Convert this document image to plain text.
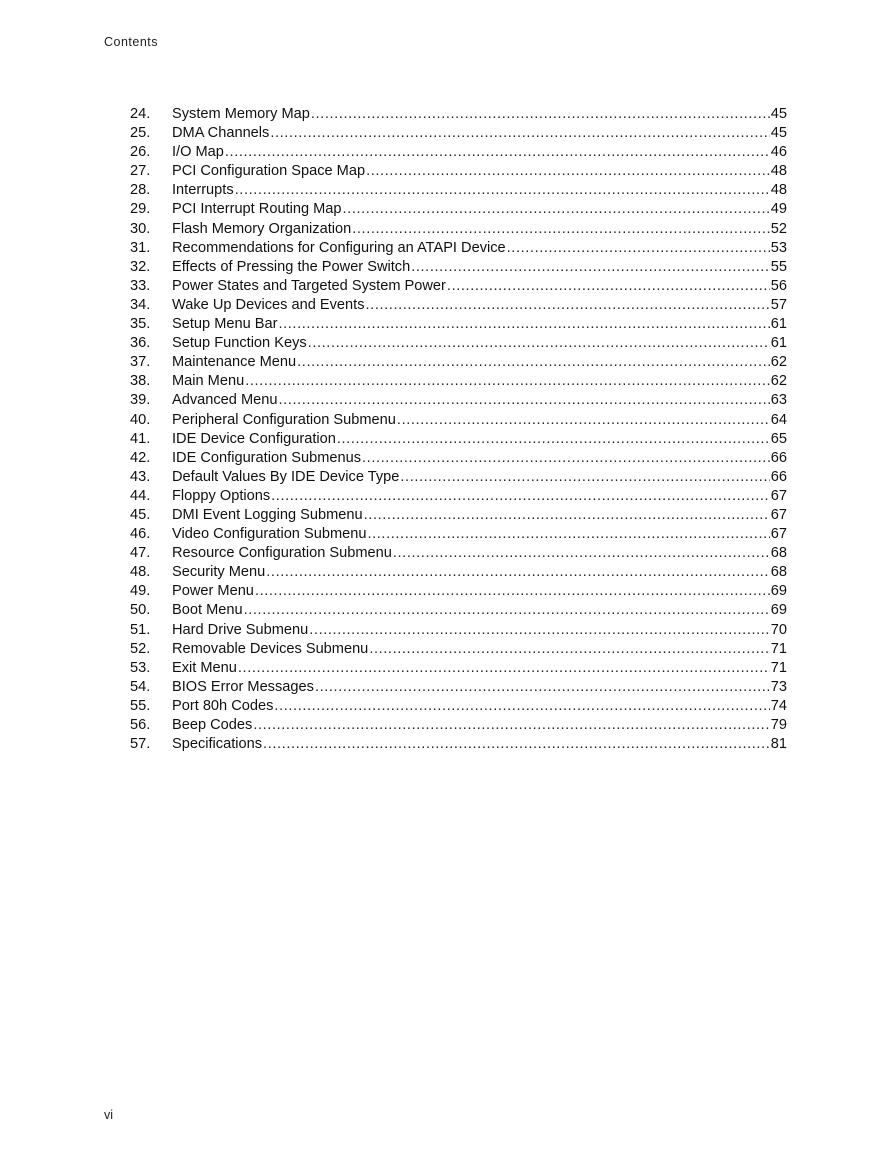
Contents
24.	System Memory Map .....	45
25.	DMA Channels .....	45
26.	I/O Map .....	46
27.	PCI Configuration Space Map .....	48
28.	Interrupts .....	48
29.	PCI Interrupt Routing Map .....	49
30.	Flash Memory Organization .....	52
31.	Recommendations for Configuring an ATAPI Device .....	53
32.	Effects of Pressing the Power Switch .....	55
33.	Power States and Targeted System Power .....	56
34.	Wake Up Devices and Events .....	57
35.	Setup Menu Bar .....	61
36.	Setup Function Keys .....	61
37.	Maintenance Menu .....	62
38.	Main Menu .....	62
39.	Advanced Menu .....	63
40.	Peripheral Configuration Submenu .....	64
41.	IDE Device Configuration .....	65
42.	IDE Configuration Submenus .....	66
43.	Default Values By IDE Device Type .....	66
44.	Floppy Options .....	67
45.	DMI Event Logging Submenu .....	67
46.	Video Configuration Submenu .....	67
47.	Resource Configuration Submenu .....	68
48.	Security Menu .....	68
49.	Power Menu .....	69
50.	Boot Menu .....	69
51.	Hard Drive Submenu .....	70
52.	Removable Devices Submenu .....	71
53.	Exit Menu .....	71
54.	BIOS Error Messages .....	73
55.	Port 80h Codes .....	74
56.	Beep Codes .....	79
57.	Specifications .....	81
vi
